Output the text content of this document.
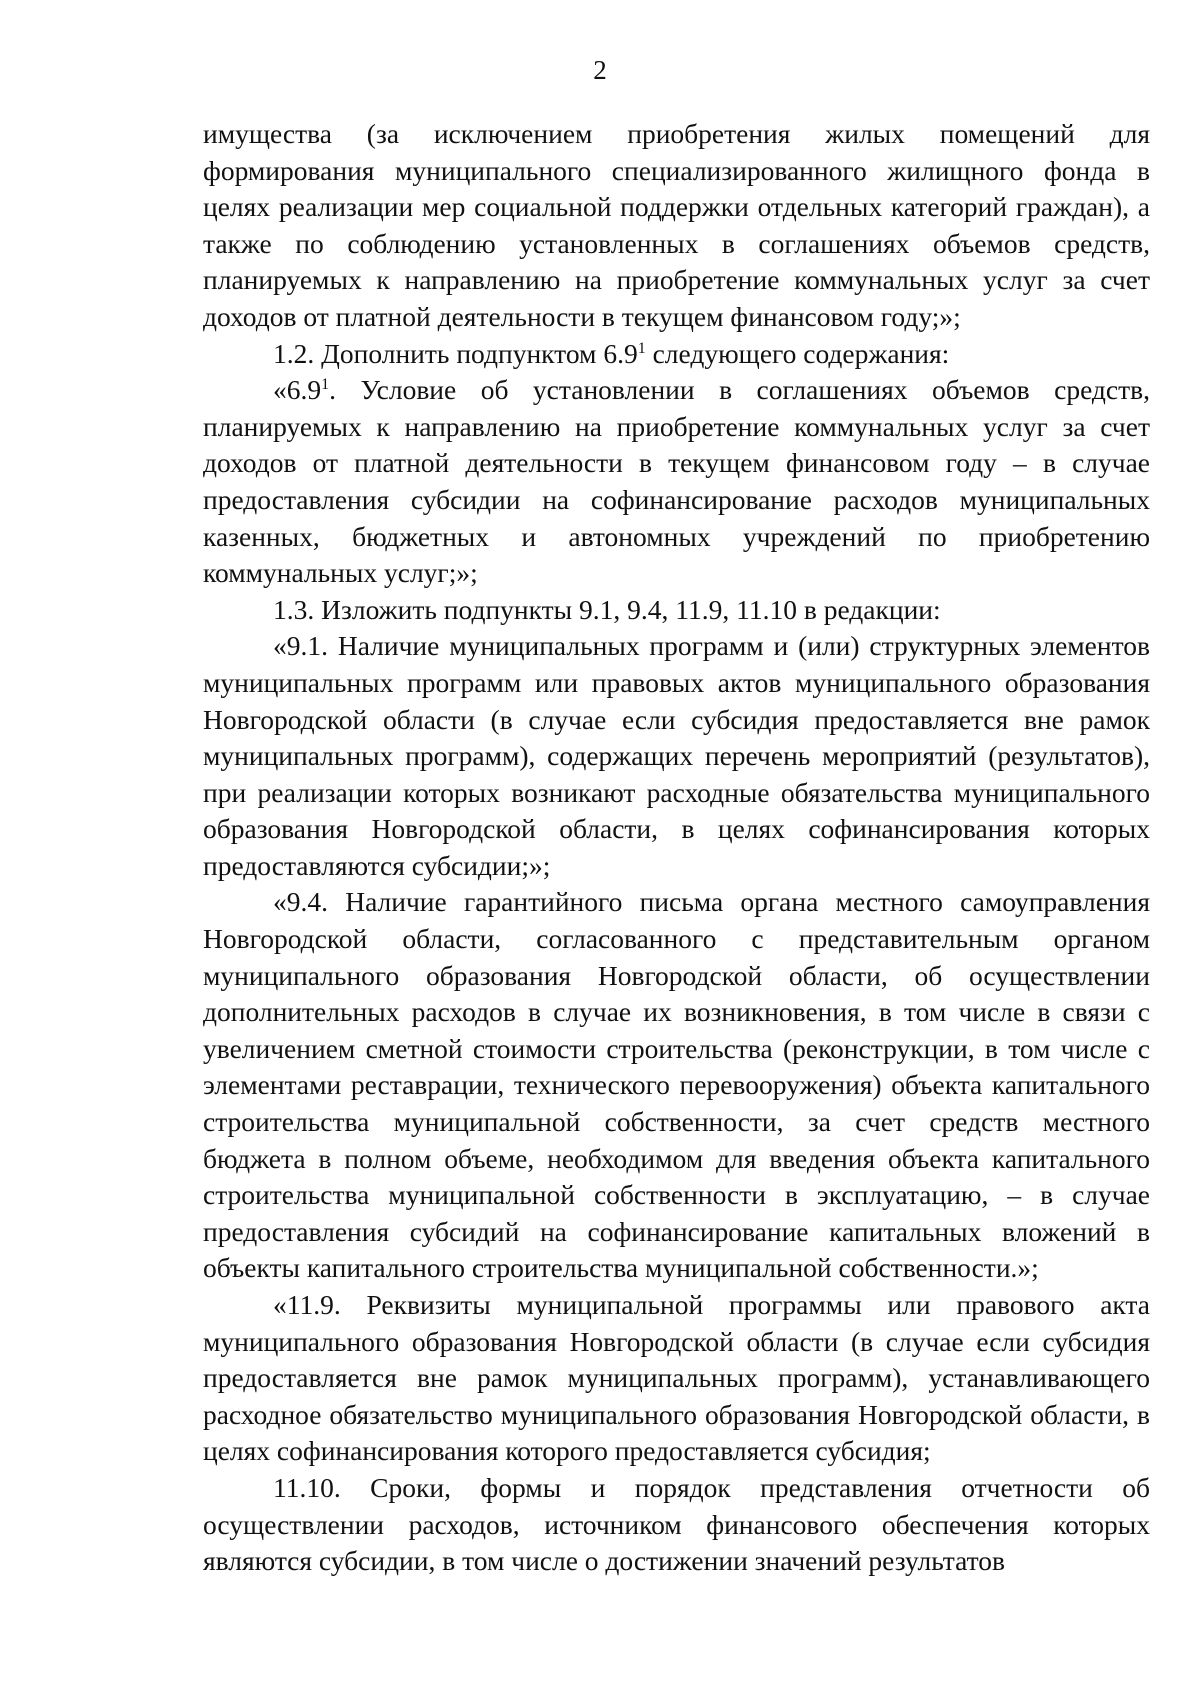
2

имущества (за исключением приобретения жилых помещений для формирования муниципального специализированного жилищного фонда в целях реализации мер социальной поддержки отдельных категорий граждан), а также по соблюдению установленных в соглашениях объемов средств, планируемых к направлению на приобретение коммунальных услуг за счет доходов от платной деятельности в текущем финансовом году;»;

1.2. Дополнить подпунктом $6.9^1$ следующего содержания:

«$6.9^1$. Условие об установлении в соглашениях объемов средств, планируемых к направлению на приобретение коммунальных услуг за счет доходов от платной деятельности в текущем финансовом году – в случае предоставления субсидии на софинансирование расходов муниципальных казенных, бюджетных и автономных учреждений по приобретению коммунальных услуг;»;

1.3. Изложить подпункты 9.1, 9.4, 11.9, 11.10 в редакции:

«9.1. Наличие муниципальных программ и (или) структурных элементов муниципальных программ или правовых актов муниципального образования Новгородской области (в случае если субсидия предоставляется вне рамок муниципальных программ), содержащих перечень мероприятий (результатов), при реализации которых возникают расходные обязательства муниципального образования Новгородской области, в целях софинансирования которых предоставляются субсидии;»;

«9.4. Наличие гарантийного письма органа местного самоуправления Новгородской области, согласованного с представительным органом муниципального образования Новгородской области, об осуществлении дополнительных расходов в случае их возникновения, в том числе в связи с увеличением сметной стоимости строительства (реконструкции, в том числе с элементами реставрации, технического перевооружения) объекта капитального строительства муниципальной собственности, за счет средств местного бюджета в полном объеме, необходимом для введения объекта капитального строительства муниципальной собственности в эксплуатацию, – в случае предоставления субсидий на софинансирование капитальных вложений в объекты капитального строительства муниципальной собственности.»;

«11.9. Реквизиты муниципальной программы или правового акта муниципального образования Новгородской области (в случае если субсидия предоставляется вне рамок муниципальных программ), устанавливающего расходное обязательство муниципального образования Новгородской области, в целях софинансирования которого предоставляется субсидия;

11.10. Сроки, формы и порядок представления отчетности об осуществлении расходов, источником финансового обеспечения которых являются субсидии, в том числе о достижении значений результатов
